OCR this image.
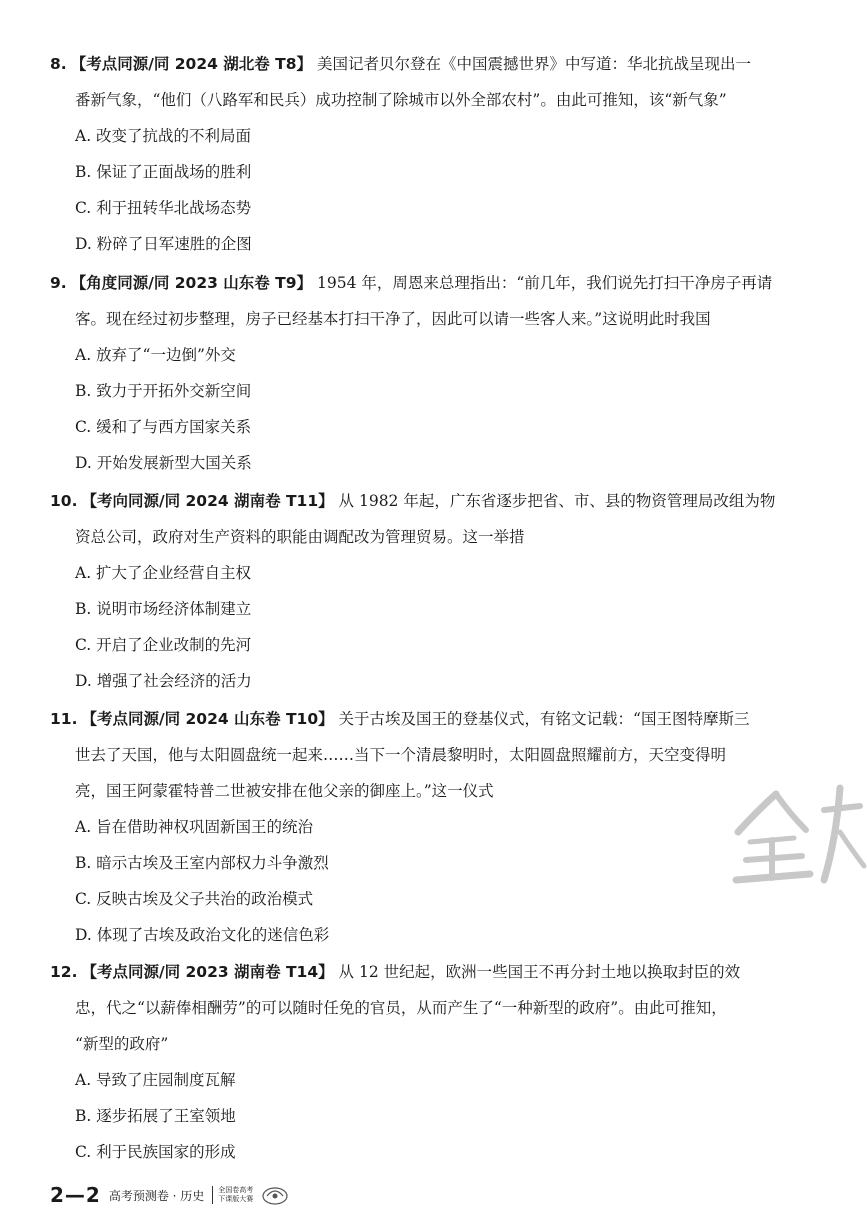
8. 【考点同源/同 2024 湖北卷 T8】 美国记者贝尔登在《中国震撼世界》中写道：华北抗战呈现出一
番新气象，“他们（八路军和民兵）成功控制了除城市以外全部农村”。由此可推知，该“新气象”

A. 改变了抗战的不利局面

B. 保证了正面战场的胜利

C. 利于扭转华北战场态势

D. 粉碎了日军速胜的企图

9. 【角度同源/同 2023 山东卷 T9】 1954 年，周恩来总理指出：“前几年，我们说先打扫干净房子再请
客。现在经过初步整理，房子已经基本打扫干净了，因此可以请一些客人来。”这说明此时我国

A. 放弃了“一边倒”外交

B. 致力于开拓外交新空间

C. 缓和了与西方国家关系

D. 开始发展新型大国关系

10. 【考向同源/同 2024 湖南卷 T11】 从 1982 年起，广东省逐步把省、市、县的物资管理局改组为物
资总公司，政府对生产资料的职能由调配改为管理贸易。这一举措

A. 扩大了企业经营自主权

B. 说明市场经济体制建立

C. 开启了企业改制的先河

D. 增强了社会经济的活力

11. 【考点同源/同 2024 山东卷 T10】 关于古埃及国王的登基仪式，有铭文记载：“国王图特摩斯三
世去了天国，他与太阳圆盘统一起来……当下一个清晨黎明时，太阳圆盘照耀前方，天空变得明
亮，国王阿蒙霍特普二世被安排在他父亲的御座上。”这一仪式

A. 旨在借助神权巩固新国王的统治

B. 暗示古埃及王室内部权力斗争激烈

C. 反映古埃及父子共治的政治模式

D. 体现了古埃及政治文化的迷信色彩

12. 【考点同源/同 2023 湖南卷 T14】 从 12 世纪起，欧洲一些国王不再分封土地以换取封臣的效
忠，代之“以薪俸相酬劳”的可以随时任免的官员，从而产生了“一种新型的政府”。由此可推知，
“新型的政府”

A. 导致了庄园制度瓦解

B. 逐步拓展了王室领地

C. 利于民族国家的形成

2—2 高考预测卷 · 历史	全国卷高考
下课版大赛
